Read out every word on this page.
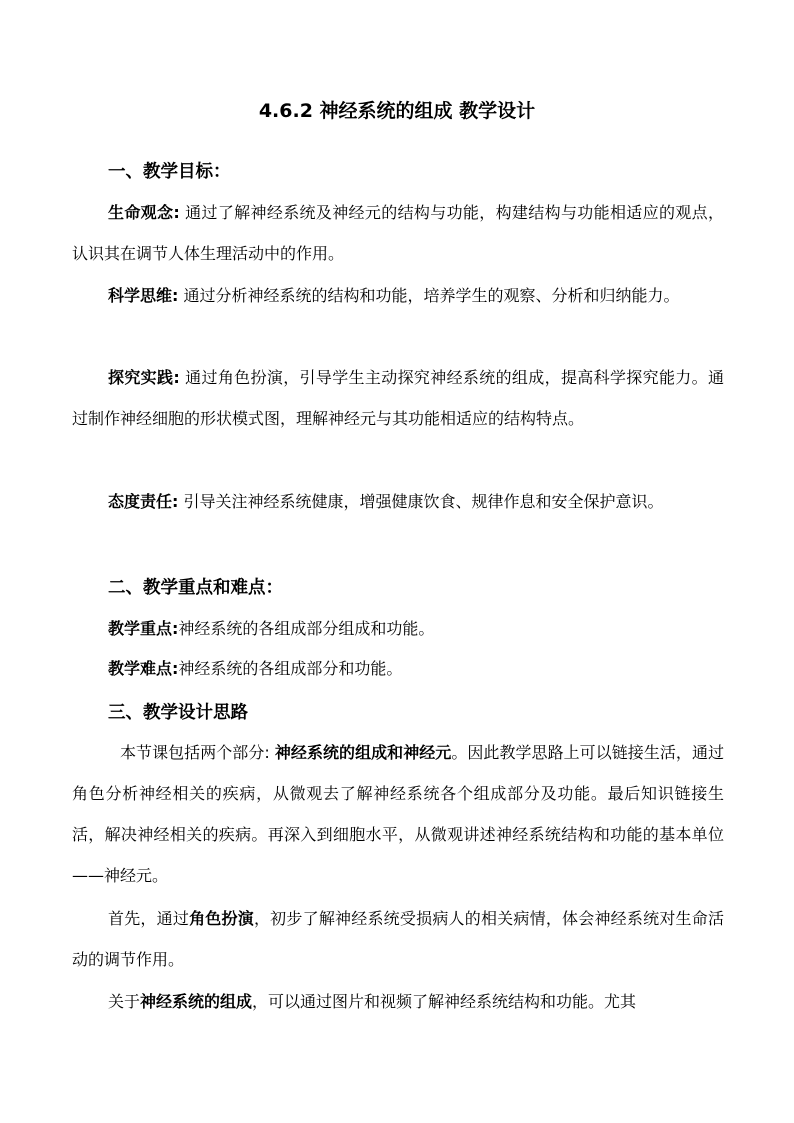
4.6.2 神经系统的组成 教学设计
一、教学目标：

生命观念: 通过了解神经系统及神经元的结构与功能，构建结构与功能相适应的观点，认识其在调节人体生理活动中的作用。

科学思维: 通过分析神经系统的结构和功能，培养学生的观察、分析和归纳能力。

探究实践: 通过角色扮演，引导学生主动探究神经系统的组成，提高科学探究能力。通过制作神经细胞的形状模式图，理解神经元与其功能相适应的结构特点。

态度责任: 引导关注神经系统健康，增强健康饮食、规律作息和安全保护意识。

二、教学重点和难点：
教学重点:神经系统的各组成部分组成和功能。
教学难点:神经系统的各组成部分和功能。
三、教学设计思路

本节课包括两个部分: 神经系统的组成和神经元。因此教学思路上可以链接生活，通过角色分析神经相关的疾病，从微观去了解神经系统各个组成部分及功能。最后知识链接生活，解决神经相关的疾病。再深入到细胞水平，从微观讲述神经系统结构和功能的基本单位——神经元。

首先，通过角色扮演，初步了解神经系统受损病人的相关病情，体会神经系统对生命活动的调节作用。

关于神经系统的组成，可以通过图片和视频了解神经系统结构和功能。尤其
